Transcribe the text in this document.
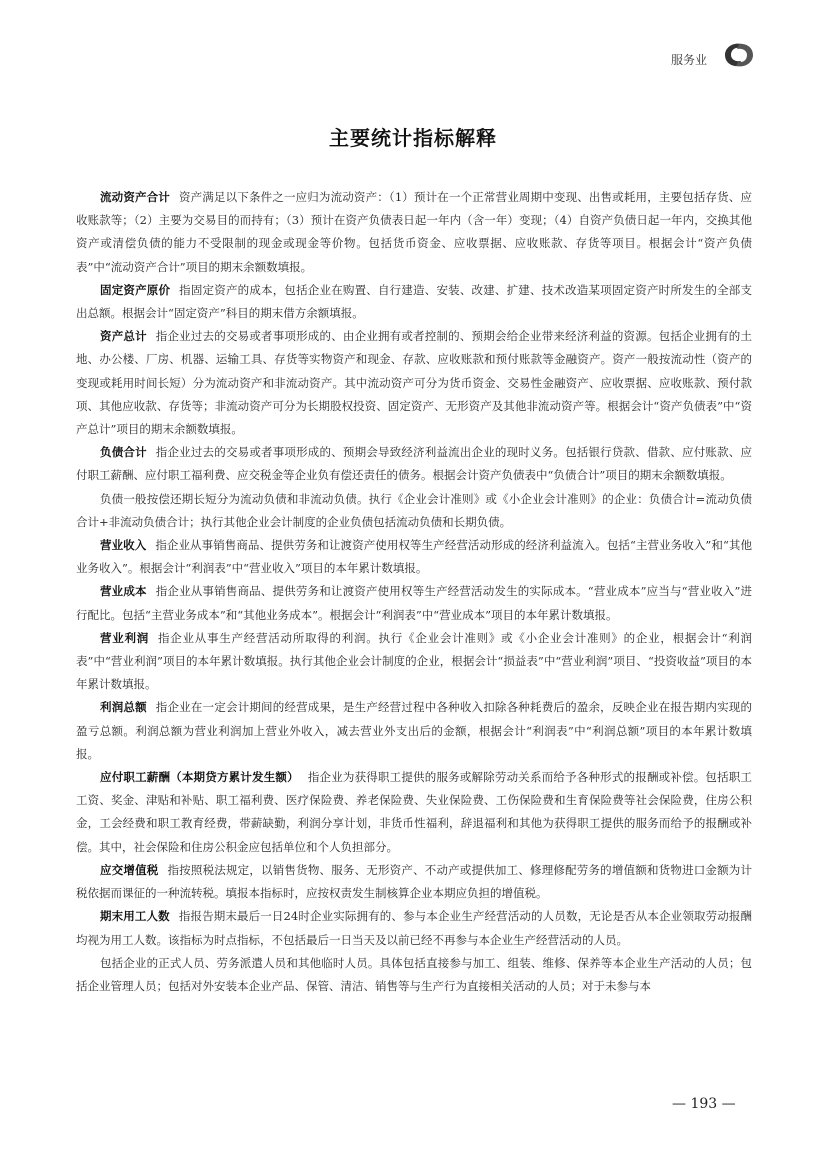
服务业
主要统计指标解释

流动资产合计 资产满足以下条件之一应归为流动资产：（1）预计在一个正常营业周期中变现、出售或耗用，主要包括存货、应收账款等；（2）主要为交易目的而持有；（3）预计在资产负债表日起一年内（含一年）变现；（4）自资产负债日起一年内，交换其他资产或清偿负债的能力不受限制的现金或现金等价物。包括货币资金、应收票据、应收账款、存货等项目。根据会计“资产负债表”中“流动资产合计”项目的期末余额数填报。

固定资产原价 指固定资产的成本，包括企业在购置、自行建造、安装、改建、扩建、技术改造某项固定资产时所发生的全部支出总额。根据会计“固定资产”科目的期末借方余额填报。

资产总计 指企业过去的交易或者事项形成的、由企业拥有或者控制的、预期会给企业带来经济利益的资源。包括企业拥有的土地、办公楼、厂房、机器、运输工具、存货等实物资产和现金、存款、应收账款和预付账款等金融资产。资产一般按流动性（资产的变现或耗用时间长短）分为流动资产和非流动资产。其中流动资产可分为货币资金、交易性金融资产、应收票据、应收账款、预付款项、其他应收款、存货等；非流动资产可分为长期股权投资、固定资产、无形资产及其他非流动资产等。根据会计“资产负债表”中“资产总计”项目的期末余额数填报。

负债合计 指企业过去的交易或者事项形成的、预期会导致经济利益流出企业的现时义务。包括银行贷款、借款、应付账款、应付职工薪酬、应付职工福利费、应交税金等企业负有偿还责任的债务。根据会计资产负债表中“负债合计”项目的期末余额数填报。

负债一般按偿还期长短分为流动负债和非流动负债。执行《企业会计准则》或《小企业会计准则》的企业：负债合计=流动负债合计+非流动负债合计；执行其他企业会计制度的企业负债包括流动负债和长期负债。

营业收入 指企业从事销售商品、提供劳务和让渡资产使用权等生产经营活动形成的经济利益流入。包括“主营业务收入”和“其他业务收入”。根据会计“利润表”中“营业收入”项目的本年累计数填报。

营业成本 指企业从事销售商品、提供劳务和让渡资产使用权等生产经营活动发生的实际成本。“营业成本”应当与“营业收入”进行配比。包括“主营业务成本”和“其他业务成本”。根据会计“利润表”中“营业成本”项目的本年累计数填报。

营业利润 指企业从事生产经营活动所取得的利润。执行《企业会计准则》或《小企业会计准则》的企业，根据会计“利润表”中“营业利润”项目的本年累计数填报。执行其他企业会计制度的企业，根据会计“损益表”中“营业利润”项目、“投资收益”项目的本年累计数填报。

利润总额 指企业在一定会计期间的经营成果，是生产经营过程中各种收入扣除各种耗费后的盈余，反映企业在报告期内实现的盈亏总额。利润总额为营业利润加上营业外收入，减去营业外支出后的金额，根据会计“利润表”中“利润总额”项目的本年累计数填报。

应付职工薪酬（本期贷方累计发生额） 指企业为获得职工提供的服务或解除劳动关系而给予各种形式的报酬或补偿。包括职工工资、奖金、津贴和补贴、职工福利费、医疗保险费、养老保险费、失业保险费、工伤保险费和生育保险费等社会保险费，住房公积金，工会经费和职工教育经费，带薪缺勤，利润分享计划，非货币性福利，辞退福利和其他为获得职工提供的服务而给予的报酬或补偿。其中，社会保险和住房公积金应包括单位和个人负担部分。

应交增值税 指按照税法规定，以销售货物、服务、无形资产、不动产或提供加工、修理修配劳务的增值额和货物进口金额为计税依据而课征的一种流转税。填报本指标时，应按权责发生制核算企业本期应负担的增值税。

期末用工人数 指报告期末最后一日24时企业实际拥有的、参与本企业生产经营活动的人员数，无论是否从本企业领取劳动报酬均视为用工人数。该指标为时点指标，不包括最后一日当天及以前已经不再参与本企业生产经营活动的人员。

包括企业的正式人员、劳务派遣人员和其他临时人员。具体包括直接参与加工、组装、维修、保养等本企业生产活动的人员；包括企业管理人员；包括对外安装本企业产品、保管、清洁、销售等与生产行为直接相关活动的人员；对于未参与本

— 193 —
